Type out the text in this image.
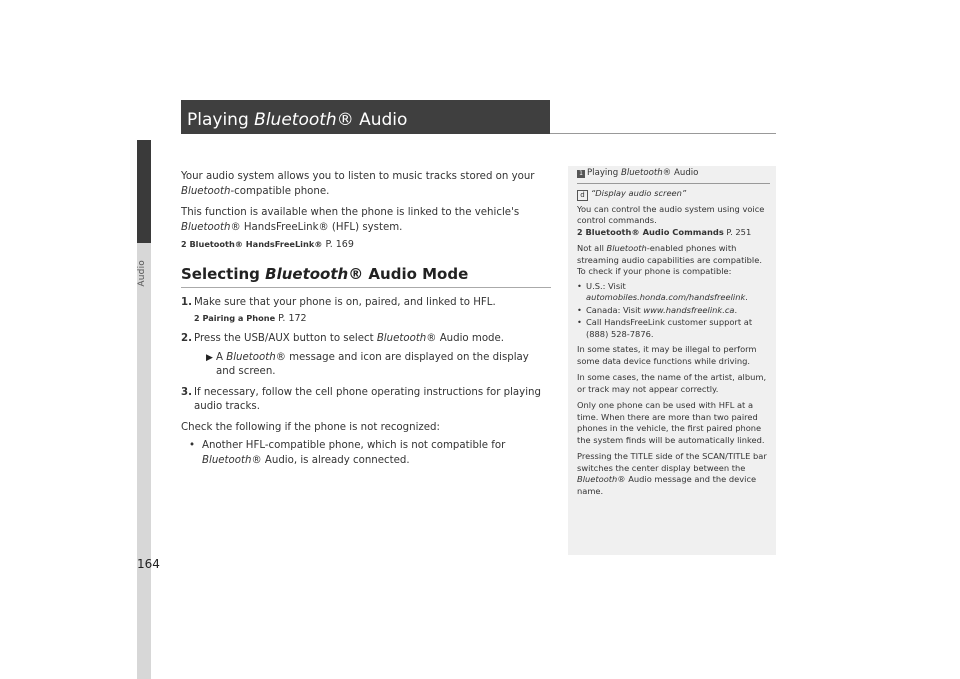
Audio
164
Playing Bluetooth® Audio

Your audio system allows you to listen to music tracks stored on your Bluetooth-compatible phone.

This function is available when the phone is linked to the vehicle's Bluetooth® HandsFreeLink® (HFL) system.

2 Bluetooth® HandsFreeLink® P. 169
Selecting Bluetooth® Audio Mode
1. Make sure that your phone is on, paired, and linked to HFL.
2 Pairing a Phone P. 172
2. Press the USB/AUX button to select Bluetooth® Audio mode.
▶ A Bluetooth® message and icon are displayed on the display and screen.
3. If necessary, follow the cell phone operating instructions for playing audio tracks.

Check the following if the phone is not recognized:

• Another HFL-compatible phone, which is not compatible for Bluetooth® Audio, is already connected.
1 Playing Bluetooth® Audio

d “Display audio screen”

You can control the audio system using voice control commands.
2 Bluetooth® Audio Commands P. 251

Not all Bluetooth-enabled phones with streaming audio capabilities are compatible. To check if your phone is compatible:

• U.S.: Visit automobiles.honda.com/handsfreelink.
• Canada: Visit www.handsfreelink.ca.
• Call HandsFreeLink customer support at (888) 528-7876.

In some states, it may be illegal to perform some data device functions while driving.

In some cases, the name of the artist, album, or track may not appear correctly.

Only one phone can be used with HFL at a time. When there are more than two paired phones in the vehicle, the first paired phone the system finds will be automatically linked.

Pressing the TITLE side of the SCAN/TITLE bar switches the center display between the Bluetooth® Audio message and the device name.
